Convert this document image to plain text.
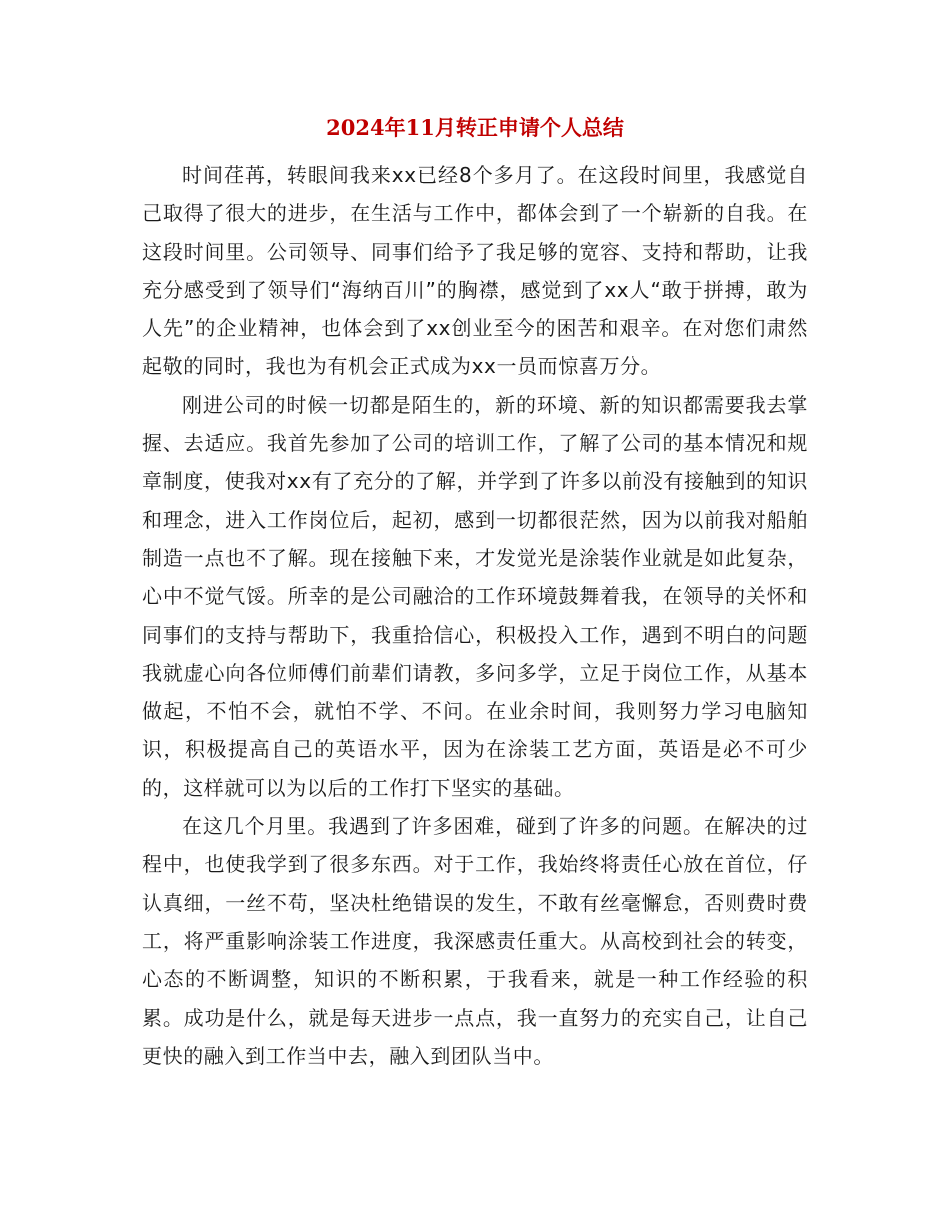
2024年11月转正申请个人总结

时间荏苒，转眼间我来xx已经8个多月了。在这段时间里，我感觉自己取得了很大的进步，在生活与工作中，都体会到了一个崭新的自我。在这段时间里。公司领导、同事们给予了我足够的宽容、支持和帮助，让我充分感受到了领导们“海纳百川”的胸襟，感觉到了xx人“敢于拼搏，敢为人先”的企业精神，也体会到了xx创业至今的困苦和艰辛。在对您们肃然起敬的同时，我也为有机会正式成为xx一员而惊喜万分。

刚进公司的时候一切都是陌生的，新的环境、新的知识都需要我去掌握、去适应。我首先参加了公司的培训工作，了解了公司的基本情况和规章制度，使我对xx有了充分的了解，并学到了许多以前没有接触到的知识和理念，进入工作岗位后，起初，感到一切都很茫然，因为以前我对船舶制造一点也不了解。现在接触下来，才发觉光是涂装作业就是如此复杂，心中不觉气馁。所幸的是公司融洽的工作环境鼓舞着我，在领导的关怀和同事们的支持与帮助下，我重拾信心，积极投入工作，遇到不明白的问题我就虚心向各位师傅们前辈们请教，多问多学，立足于岗位工作，从基本做起，不怕不会，就怕不学、不问。在业余时间，我则努力学习电脑知识，积极提高自己的英语水平，因为在涂装工艺方面，英语是必不可少的，这样就可以为以后的工作打下坚实的基础。

在这几个月里。我遇到了许多困难，碰到了许多的问题。在解决的过程中，也使我学到了很多东西。对于工作，我始终将责任心放在首位，仔认真细，一丝不苟，坚决杜绝错误的发生，不敢有丝毫懈怠，否则费时费工，将严重影响涂装工作进度，我深感责任重大。从高校到社会的转变，心态的不断调整，知识的不断积累，于我看来，就是一种工作经验的积累。成功是什么，就是每天进步一点点，我一直努力的充实自己，让自己更快的融入到工作当中去，融入到团队当中。
